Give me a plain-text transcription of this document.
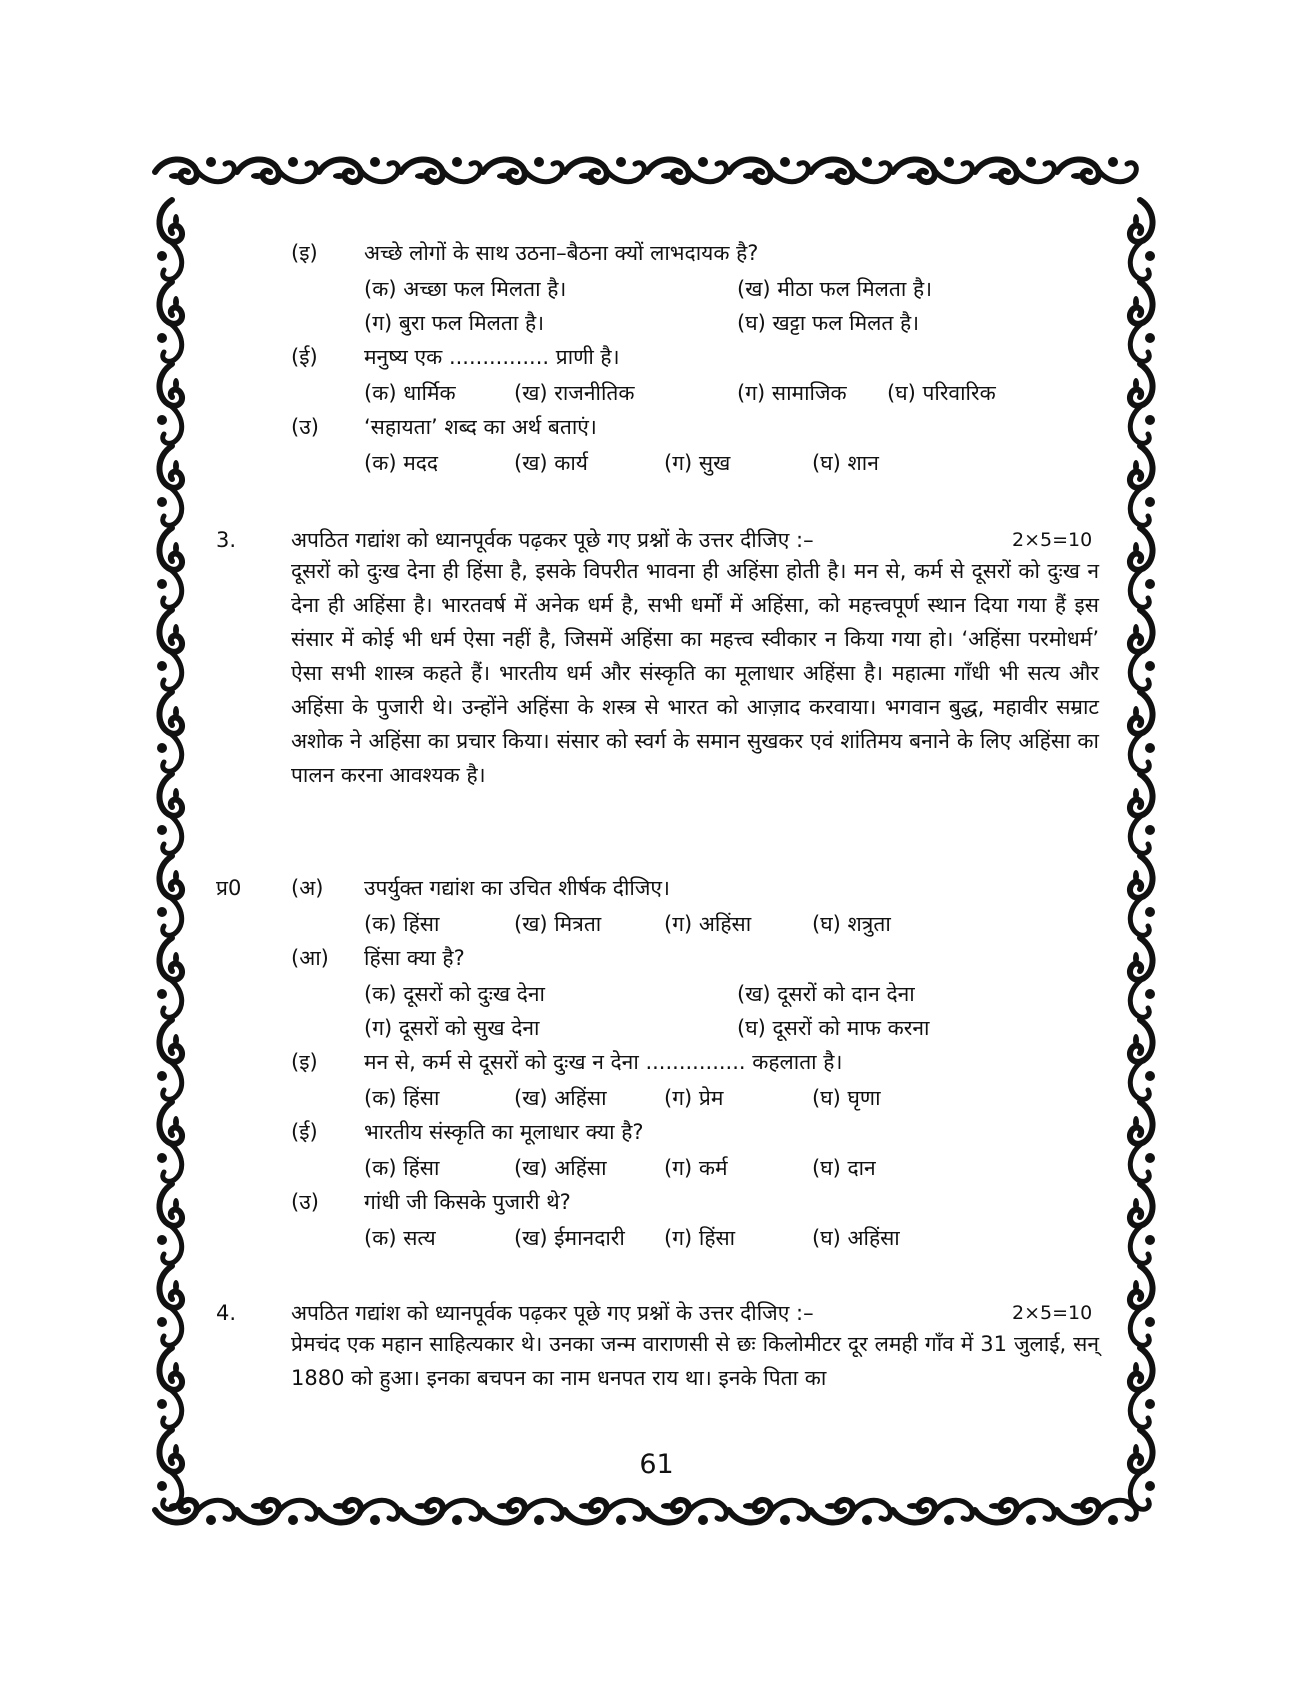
(इ) अच्छे लोगों के साथ उठना–बैठना क्यों लाभदायक है?
(क) अच्छा फल मिलता है।	(ख) मीठा फल मिलता है।
(ग) बुरा फल मिलता है।	(घ) खट्टा फल मिलत है।
(ई) मनुष्य एक ............... प्राणी है।
(क) धार्मिक	(ख) राजनीतिक	(ग) सामाजिक (घ) परिवारिक
(उ) ‘सहायता’ शब्द का अर्थ बताएं।
(क) मदद	(ख) कार्य	(ग) सुख	(घ) शान
3.	अपठित गद्यांश को ध्यानपूर्वक पढ़कर पूछे गए प्रश्नों के उत्तर दीजिए :–	2×5=10
दूसरों को दुःख देना ही हिंसा है, इसके विपरीत भावना ही अहिंसा होती है। मन से, कर्म से दूसरों को दुःख न देना ही अहिंसा है। भारतवर्ष में अनेक धर्म है, सभी धर्मों में अहिंसा, को महत्त्वपूर्ण स्थान दिया गया हैं इस संसार में कोई भी धर्म ऐसा नहीं है, जिसमें अहिंसा का महत्त्व स्वीकार न किया गया हो। ‘अहिंसा परमोधर्म’ ऐसा सभी शास्त्र कहते हैं। भारतीय धर्म और संस्कृति का मूलाधार अहिंसा है। महात्मा गाँधी भी सत्य और अहिंसा के पुजारी थे। उन्होंने अहिंसा के शस्त्र से भारत को आज़ाद करवाया। भगवान बुद्ध, महावीर सम्राट अशोक ने अहिंसा का प्रचार किया। संसार को स्वर्ग के समान सुखकर एवं शांतिमय बनाने के लिए अहिंसा का पालन करना आवश्यक है।
प्र0 (अ) उपर्युक्त गद्यांश का उचित शीर्षक दीजिए।
(क) हिंसा	(ख) मित्रता	(ग) अहिंसा	(घ) शत्रुता
(आ) हिंसा क्या है?
(क) दूसरों को दुःख देना	(ख) दूसरों को दान देना
(ग) दूसरों को सुख देना	(घ) दूसरों को माफ करना
(इ) मन से, कर्म से दूसरों को दुःख न देना ............... कहलाता है।
(क) हिंसा	(ख) अहिंसा	(ग) प्रेम	(घ) घृणा
(ई) भारतीय संस्कृति का मूलाधार क्या है?
(क) हिंसा	(ख) अहिंसा	(ग) कर्म	(घ) दान
(उ) गांधी जी किसके पुजारी थे?
(क) सत्य	(ख) ईमानदारी (ग) हिंसा	(घ) अहिंसा
4.	अपठित गद्यांश को ध्यानपूर्वक पढ़कर पूछे गए प्रश्नों के उत्तर दीजिए :–	2×5=10
प्रेमचंद एक महान साहित्यकार थे। उनका जन्म वाराणसी से छः किलोमीटर दूर लमही गाँव में 31 जुलाई, सन् 1880 को हुआ। इनका बचपन का नाम धनपत राय था। इनके पिता का
61
